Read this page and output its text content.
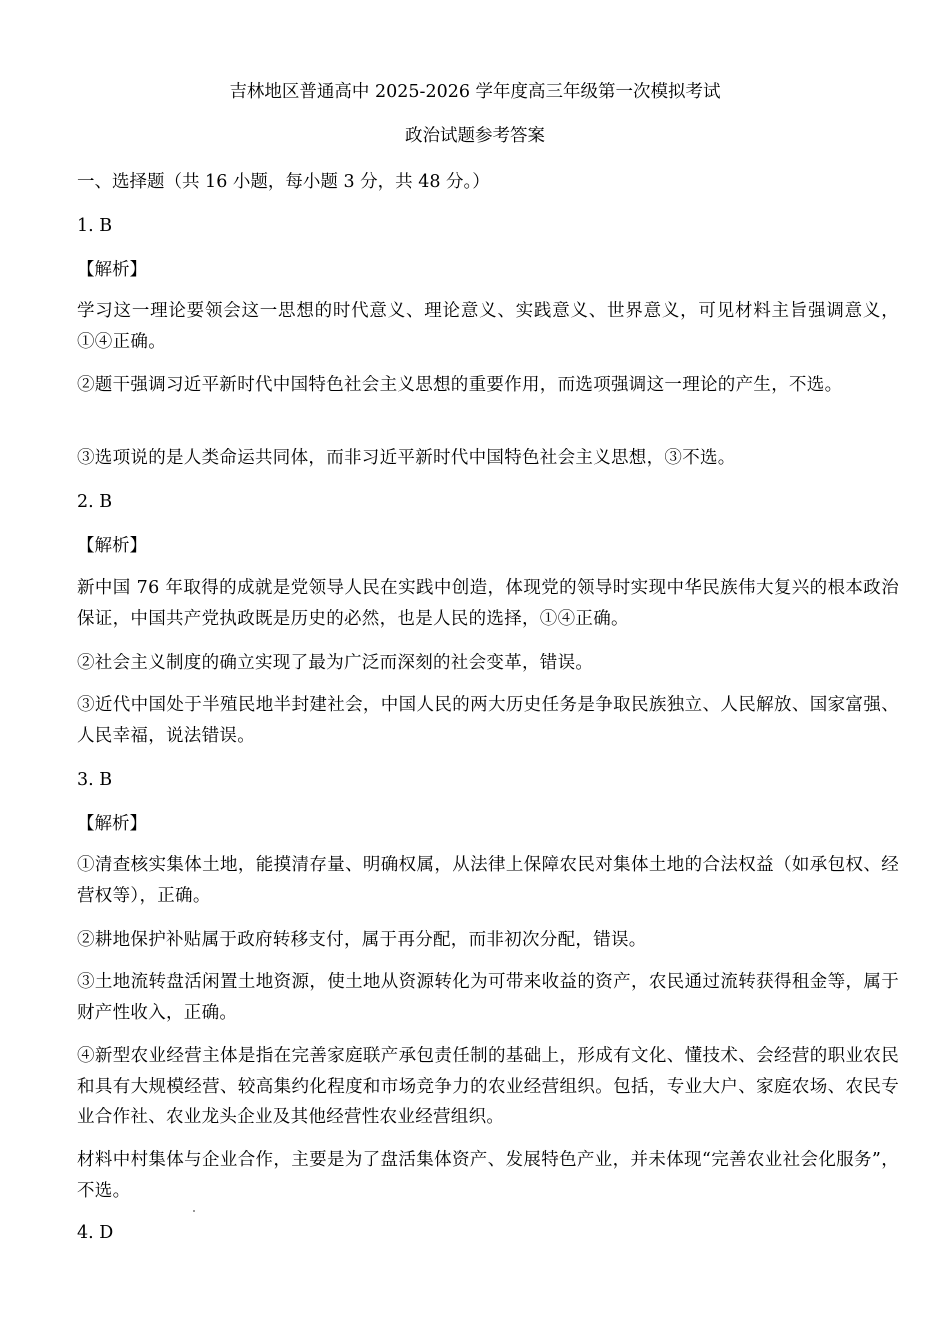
吉林地区普通高中 2025-2026 学年度高三年级第一次模拟考试
政治试题参考答案
一、选择题（共 16 小题，每小题 3 分，共 48 分。）
1. B
【解析】
学习这一理论要领会这一思想的时代意义、理论意义、实践意义、世界意义，可见材料主旨强调意义，①④正确。
②题干强调习近平新时代中国特色社会主义思想的重要作用，而选项强调这一理论的产生，不选。
③选项说的是人类命运共同体，而非习近平新时代中国特色社会主义思想，③不选。
2. B
【解析】
新中国 76 年取得的成就是党领导人民在实践中创造，体现党的领导时实现中华民族伟大复兴的根本政治保证，中国共产党执政既是历史的必然，也是人民的选择，①④正确。
②社会主义制度的确立实现了最为广泛而深刻的社会变革，错误。
③近代中国处于半殖民地半封建社会，中国人民的两大历史任务是争取民族独立、人民解放、国家富强、人民幸福，说法错误。
3. B
【解析】
①清查核实集体土地，能摸清存量、明确权属，从法律上保障农民对集体土地的合法权益（如承包权、经营权等），正确。
②耕地保护补贴属于政府转移支付，属于再分配，而非初次分配，错误。
③土地流转盘活闲置土地资源，使土地从资源转化为可带来收益的资产，农民通过流转获得租金等，属于财产性收入，正确。
④新型农业经营主体是指在完善家庭联产承包责任制的基础上，形成有文化、懂技术、会经营的职业农民和具有大规模经营、较高集约化程度和市场竞争力的农业经营组织。包括，专业大户、家庭农场、农民专业合作社、农业龙头企业及其他经营性农业经营组织。
材料中村集体与企业合作，主要是为了盘活集体资产、发展特色产业，并未体现“完善农业社会化服务”，不选。
4. D
